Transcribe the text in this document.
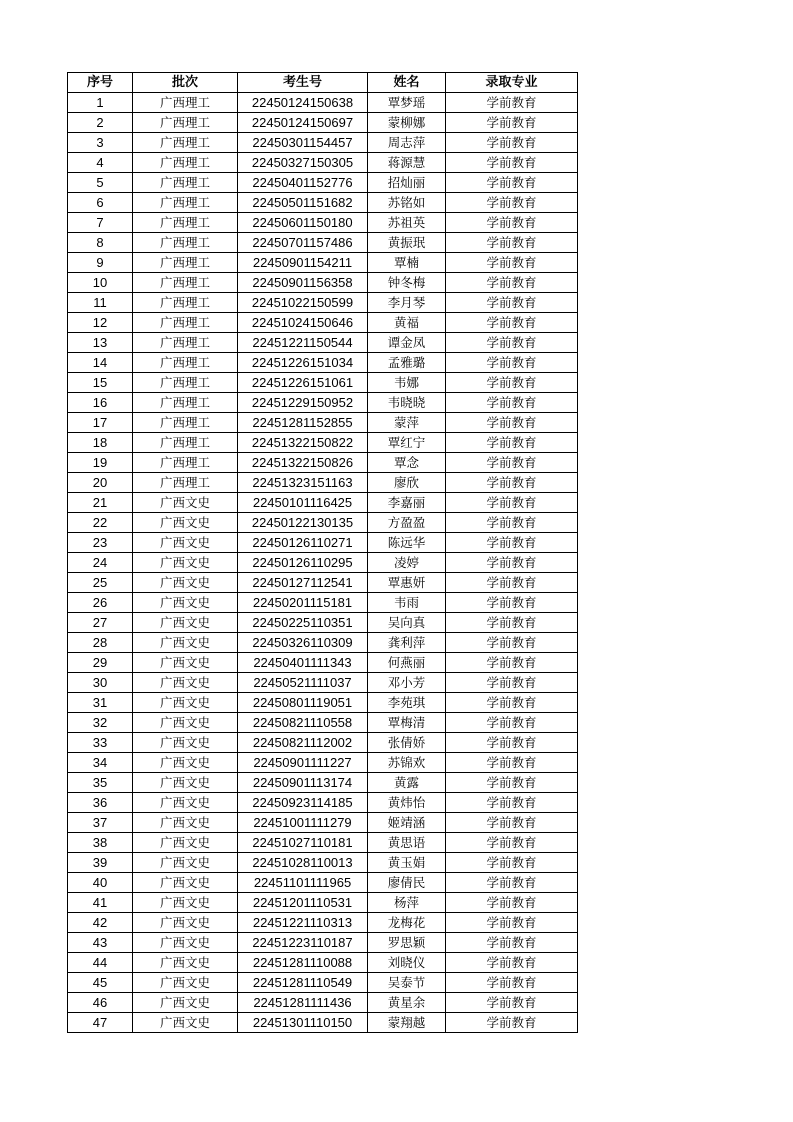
序号	批次	考生号	姓名	录取专业
1	广西理工	22450124150638	覃梦瑶	学前教育
2	广西理工	22450124150697	蒙柳娜	学前教育
3	广西理工	22450301154457	周志萍	学前教育
4	广西理工	22450327150305	蒋源慧	学前教育
5	广西理工	22450401152776	招灿丽	学前教育
6	广西理工	22450501151682	苏铭如	学前教育
7	广西理工	22450601150180	苏祖英	学前教育
8	广西理工	22450701157486	黄振珉	学前教育
9	广西理工	22450901154211	覃楠	学前教育
10	广西理工	22450901156358	钟冬梅	学前教育
11	广西理工	22451022150599	李月琴	学前教育
12	广西理工	22451024150646	黄福	学前教育
13	广西理工	22451221150544	谭金凤	学前教育
14	广西理工	22451226151034	孟雅璐	学前教育
15	广西理工	22451226151061	韦娜	学前教育
16	广西理工	22451229150952	韦晓晓	学前教育
17	广西理工	22451281152855	蒙萍	学前教育
18	广西理工	22451322150822	覃红宁	学前教育
19	广西理工	22451322150826	覃念	学前教育
20	广西理工	22451323151163	廖欣	学前教育
21	广西文史	22450101116425	李嘉丽	学前教育
22	广西文史	22450122130135	方盈盈	学前教育
23	广西文史	22450126110271	陈远华	学前教育
24	广西文史	22450126110295	凌婷	学前教育
25	广西文史	22450127112541	覃惠妍	学前教育
26	广西文史	22450201115181	韦雨	学前教育
27	广西文史	22450225110351	吴向真	学前教育
28	广西文史	22450326110309	龚利萍	学前教育
29	广西文史	22450401111343	何燕丽	学前教育
30	广西文史	22450521111037	邓小芳	学前教育
31	广西文史	22450801119051	李苑琪	学前教育
32	广西文史	22450821110558	覃梅清	学前教育
33	广西文史	22450821112002	张倩娇	学前教育
34	广西文史	22450901111227	苏锦欢	学前教育
35	广西文史	22450901113174	黄露	学前教育
36	广西文史	22450923114185	黄炜怡	学前教育
37	广西文史	22451001111279	姬靖涵	学前教育
38	广西文史	22451027110181	黄思语	学前教育
39	广西文史	22451028110013	黄玉娟	学前教育
40	广西文史	22451101111965	廖倩民	学前教育
41	广西文史	22451201110531	杨萍	学前教育
42	广西文史	22451221110313	龙梅花	学前教育
43	广西文史	22451223110187	罗思颖	学前教育
44	广西文史	22451281110088	刘晓仪	学前教育
45	广西文史	22451281110549	吴泰节	学前教育
46	广西文史	22451281111436	黄星余	学前教育
47	广西文史	22451301110150	蒙翔越	学前教育
